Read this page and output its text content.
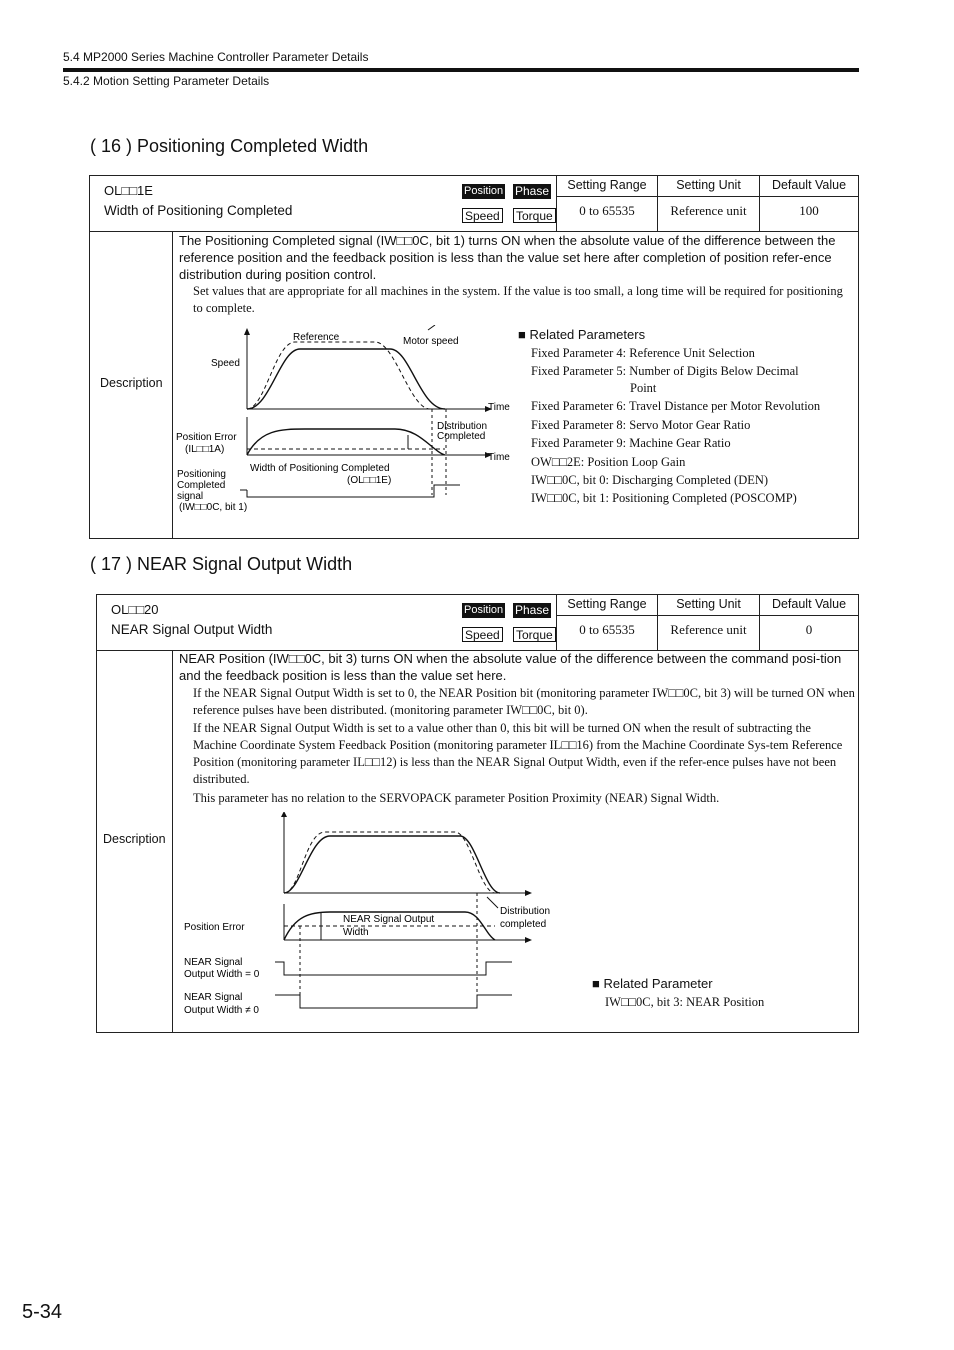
5.4 MP2000 Series Machine Controller Parameter Details
5.4.2 Motion Setting Parameter Details
( 16 ) Positioning Completed Width
OL□□1E
Width of Positioning Completed
Position Phase
Speed Torque
Setting Range	Setting Unit	Default Value
0 to 65535	Reference unit	100
Description
The Positioning Completed signal (IW□□0C, bit 1) turns ON when the absolute value of the difference between the reference position and the feedback position is less than the value set here after completion of position refer-ence distribution during position control.
Set values that are appropriate for all machines in the system. If the value is too small, a long time will be required for positioning to complete.
Reference	Motor speed
Speed
Time
Time
Position Error
(IL□□1A)
Distribution
Completed
Width of Positioning Completed
(OL□□1E)
Positioning
Completed
signal
(IW□□0C, bit 1)
■ Related Parameters
Fixed Parameter 4: Reference Unit Selection
Fixed Parameter 5: Number of Digits Below Decimal
Point
Fixed Parameter 6: Travel Distance per Motor Revolution
Fixed Parameter 8: Servo Motor Gear Ratio
Fixed Parameter 9: Machine Gear Ratio
OW□□2E: Position Loop Gain
IW□□0C, bit 0: Discharging Completed (DEN)
IW□□0C, bit 1: Positioning Completed (POSCOMP)
( 17 ) NEAR Signal Output Width
OL□□20
NEAR Signal Output Width
Position Phase
Speed Torque
Setting Range	Setting Unit	Default Value
0 to 65535	Reference unit	0
Description
NEAR Position (IW□□0C, bit 3) turns ON when the absolute value of the difference between the command posi-tion and the feedback position is less than the value set here.
If the NEAR Signal Output Width is set to 0, the NEAR Position bit (monitoring parameter IW□□0C, bit 3) will be turned ON when reference pulses have been distributed. (monitoring parameter IW□□0C, bit 0).
If the NEAR Signal Output Width is set to a value other than 0, this bit will be turned ON when the result of subtracting the Machine Coordinate System Feedback Position (monitoring parameter IL□□16) from the Machine Coordinate Sys-tem Reference Position (monitoring parameter IL□□12) is less than the NEAR Signal Output Width, even if the refer-ence pulses have not been distributed.
This parameter has no relation to the SERVOPACK parameter Position Proximity (NEAR) Signal Width.
Position Error
NEAR Signal Output
Width
Distribution
completed
NEAR Signal
Output Width = 0
NEAR Signal
Output Width ≠ 0
■ Related Parameter
IW□□0C, bit 3: NEAR Position
5-34
